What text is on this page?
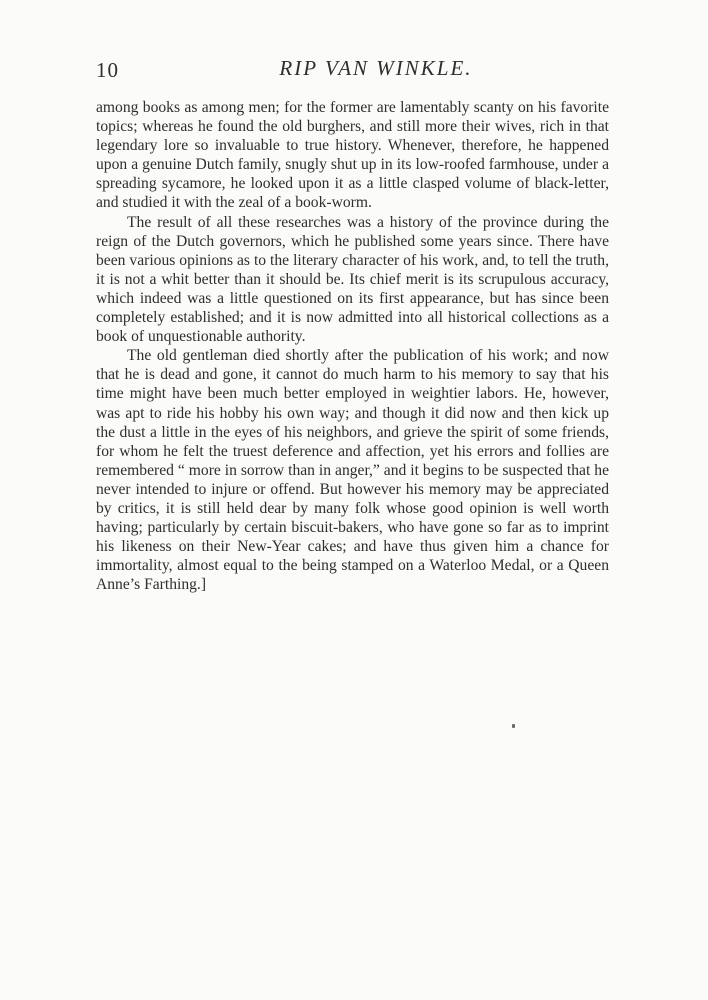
10	RIP VAN WINKLE.

among books as among men; for the former are lamentably scanty on his favorite topics; whereas he found the old burghers, and still more their wives, rich in that legendary lore so invaluable to true history. Whenever, therefore, he happened upon a genuine Dutch family, snugly shut up in its low-roofed farmhouse, under a spreading sycamore, he looked upon it as a little clasped volume of black-letter, and studied it with the zeal of a book-worm.

The result of all these researches was a history of the province during the reign of the Dutch governors, which he published some years since. There have been various opinions as to the literary character of his work, and, to tell the truth, it is not a whit better than it should be. Its chief merit is its scrupulous accuracy, which indeed was a little questioned on its first appearance, but has since been completely established; and it is now admitted into all historical collections as a book of unquestionable authority.

The old gentleman died shortly after the publication of his work; and now that he is dead and gone, it cannot do much harm to his memory to say that his time might have been much better employed in weightier labors. He, however, was apt to ride his hobby his own way; and though it did now and then kick up the dust a little in the eyes of his neighbors, and grieve the spirit of some friends, for whom he felt the truest deference and affection, yet his errors and follies are remembered “ more in sorrow than in anger,” and it begins to be suspected that he never intended to injure or offend. But however his memory may be appreciated by critics, it is still held dear by many folk whose good opinion is well worth having; particularly by certain biscuit-bakers, who have gone so far as to imprint his likeness on their New-Year cakes; and have thus given him a chance for immortality, almost equal to the being stamped on a Waterloo Medal, or a Queen Anne’s Farthing.]
